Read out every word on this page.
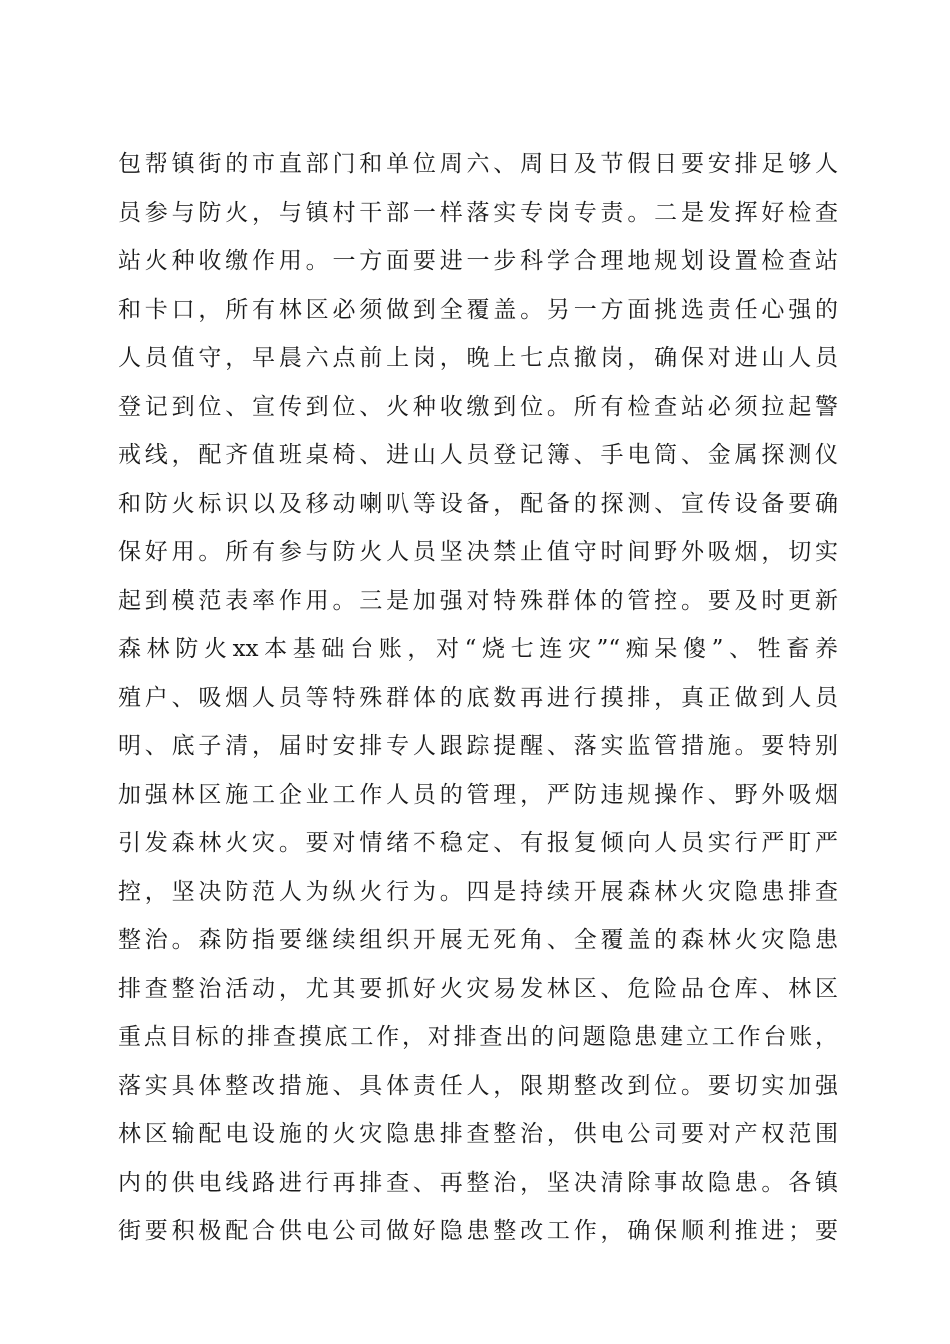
包帮镇街的市直部门和单位周六、周日及节假日要安排足够人
员参与防火，与镇村干部一样落实专岗专责。二是发挥好检查
站火种收缴作用。一方面要进一步科学合理地规划设置检查站
和卡口，所有林区必须做到全覆盖。另一方面挑选责任心强的
人员值守，早晨六点前上岗，晚上七点撤岗，确保对进山人员
登记到位、宣传到位、火种收缴到位。所有检查站必须拉起警
戒线，配齐值班桌椅、进山人员登记簿、手电筒、金属探测仪
和防火标识以及移动喇叭等设备，配备的探测、宣传设备要确
保好用。所有参与防火人员坚决禁止值守时间野外吸烟，切实
起到模范表率作用。三是加强对特殊群体的管控。要及时更新
森林防火xx本基础台账，对“烧七连灾”“痴呆傻”、牲畜养
殖户、吸烟人员等特殊群体的底数再进行摸排，真正做到人员
明、底子清，届时安排专人跟踪提醒、落实监管措施。要特别
加强林区施工企业工作人员的管理，严防违规操作、野外吸烟
引发森林火灾。要对情绪不稳定、有报复倾向人员实行严盯严
控，坚决防范人为纵火行为。四是持续开展森林火灾隐患排查
整治。森防指要继续组织开展无死角、全覆盖的森林火灾隐患
排查整治活动，尤其要抓好火灾易发林区、危险品仓库、林区
重点目标的排查摸底工作，对排查出的问题隐患建立工作台账，
落实具体整改措施、具体责任人，限期整改到位。要切实加强
林区输配电设施的火灾隐患排查整治，供电公司要对产权范围
内的供电线路进行再排查、再整治，坚决清除事故隐患。各镇
街要积极配合供电公司做好隐患整改工作，确保顺利推进；要
